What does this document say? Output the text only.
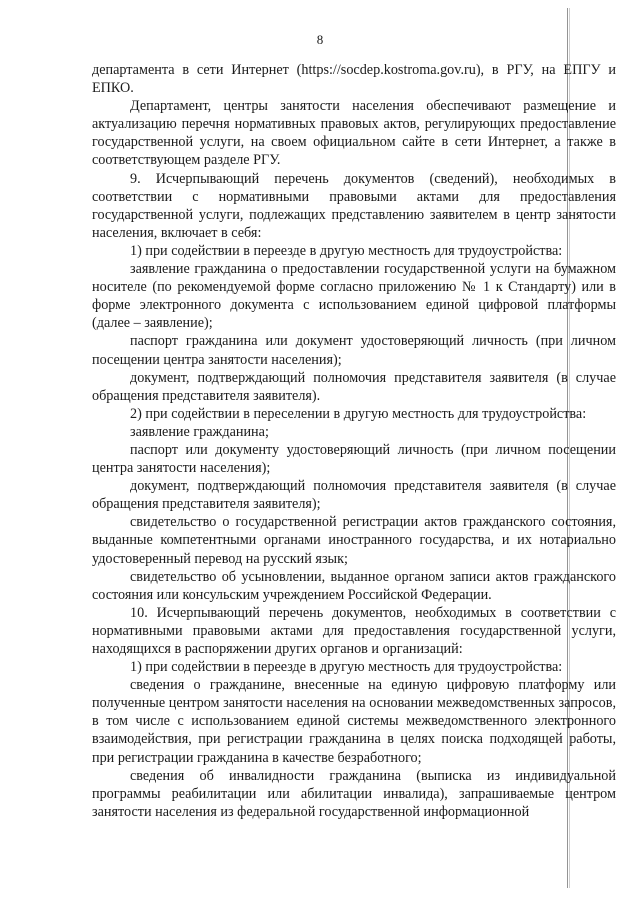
8

департамента в сети Интернет (https://socdep.kostroma.gov.ru), в РГУ, на ЕПГУ и ЕПКО.

Департамент, центры занятости населения обеспечивают размещение и актуализацию перечня нормативных правовых актов, регулирующих предоставление государственной услуги, на своем официальном сайте в сети Интернет, а также в соответствующем разделе РГУ.

9. Исчерпывающий перечень документов (сведений), необходимых в соответствии с нормативными правовыми актами для предоставления государственной услуги, подлежащих представлению заявителем в центр занятости населения, включает в себя:

1) при содействии в переезде в другую местность для трудоустройства:

заявление гражданина о предоставлении государственной услуги на бумажном носителе (по рекомендуемой форме согласно приложению № 1 к Стандарту) или в форме электронного документа с использованием единой цифровой платформы (далее – заявление);

паспорт гражданина или документ удостоверяющий личность (при личном посещении центра занятости населения);

документ, подтверждающий полномочия представителя заявителя (в случае обращения представителя заявителя).

2) при содействии в переселении в другую местность для трудоустройства:

заявление гражданина;

паспорт или документу удостоверяющий личность (при личном посещении центра занятости населения);

документ, подтверждающий полномочия представителя заявителя (в случае обращения представителя заявителя);

свидетельство о государственной регистрации актов гражданского состояния, выданные компетентными органами иностранного государства, и их нотариально удостоверенный перевод на русский язык;

свидетельство об усыновлении, выданное органом записи актов гражданского состояния или консульским учреждением Российской Федерации.

10. Исчерпывающий перечень документов, необходимых в соответствии с нормативными правовыми актами для предоставления государственной услуги, находящихся в распоряжении других органов и организаций:

1) при содействии в переезде в другую местность для трудоустройства:

сведения о гражданине, внесенные на единую цифровую платформу или полученные центром занятости населения на основании межведомственных запросов, в том числе с использованием единой системы межведомственного электронного взаимодействия, при регистрации гражданина в целях поиска подходящей работы, при регистрации гражданина в качестве безработного;

сведения об инвалидности гражданина (выписка из индивидуальной программы реабилитации или абилитации инвалида), запрашиваемые центром занятости населения из федеральной государственной информационной
